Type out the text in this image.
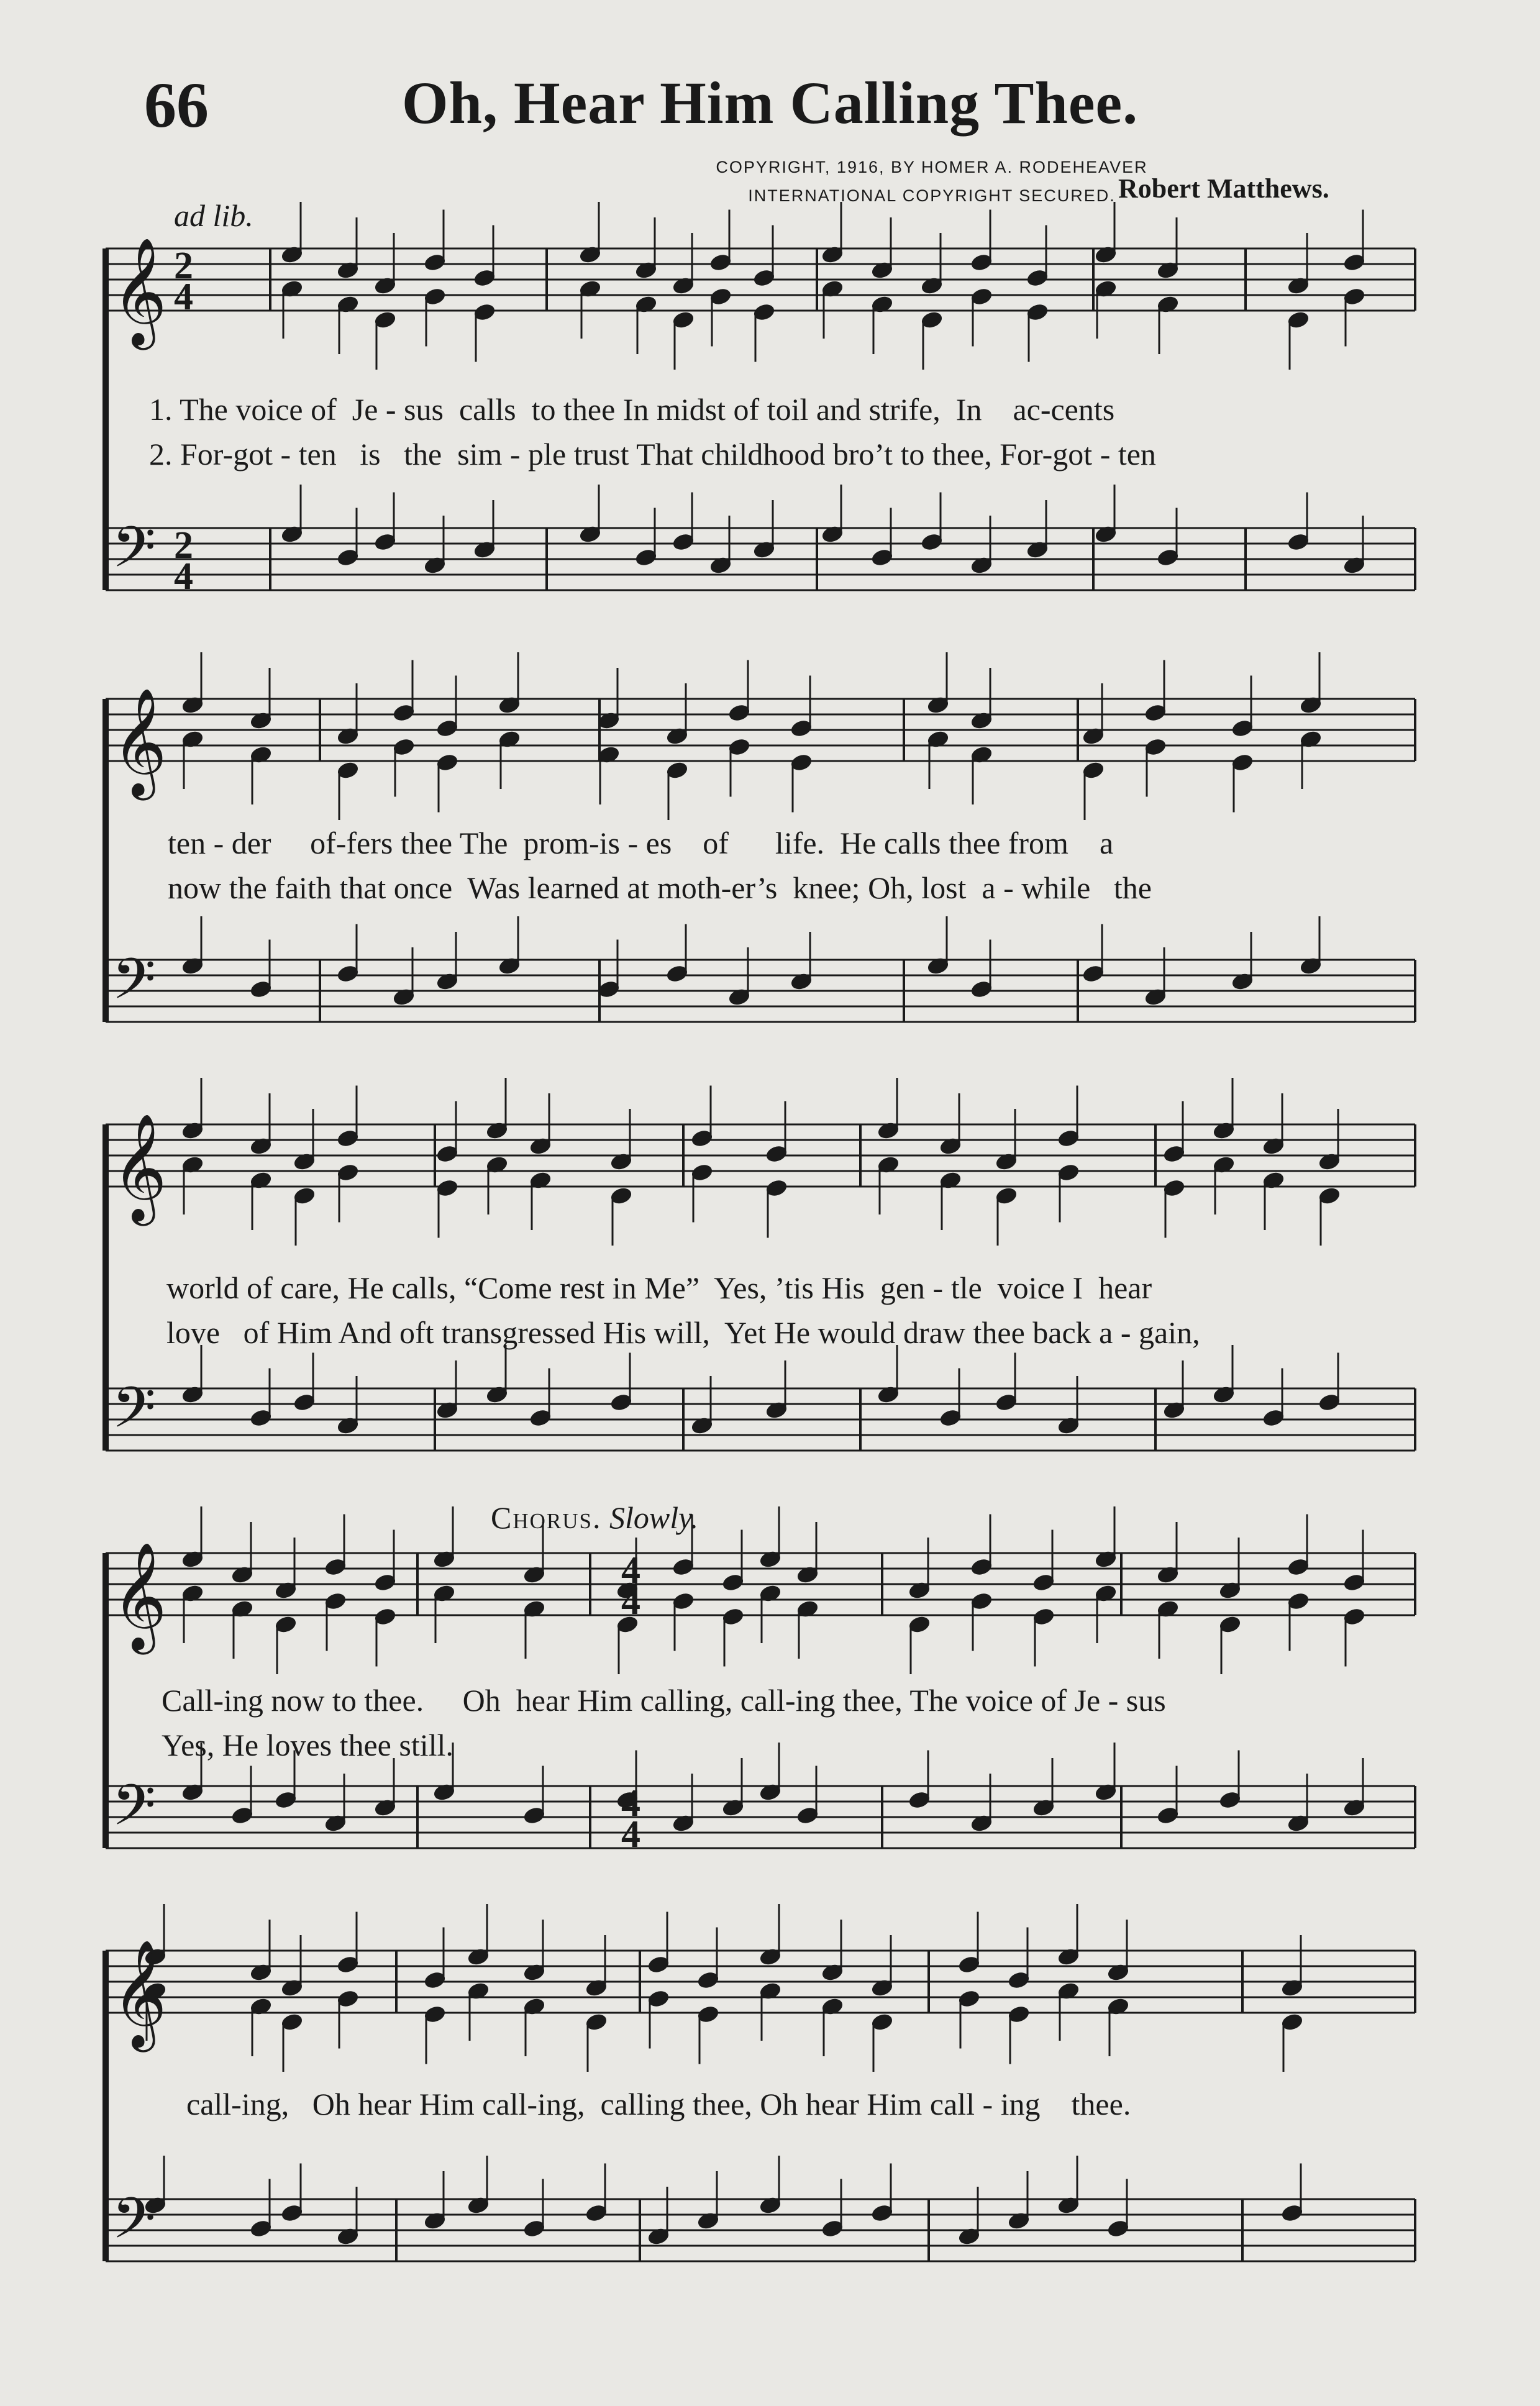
66	Oh, Hear Him Calling Thee.
COPYRIGHT, 1916, BY HOMER A. RODEHEAVER
INTERNATIONAL COPYRIGHT SECURED. Robert Matthews.
ad lib.
Chorus. Slowly.
𝄞
𝄢
𝄞
𝄢
𝄞
𝄢
𝄞
𝄢
𝄞
𝄢
2
4
2
4
4
4
4
4
1. The voice of  Je - sus  calls  to thee In midst of toil and strife,  In    ac-cents
2. For-got - ten   is   the  sim - ple trust That childhood bro’t to thee, For-got - ten
ten - der     of-fers thee The  prom-is - es    of      life.  He calls thee from    a
now the faith that once  Was learned at moth-er’s  knee; Oh, lost  a - while   the
world of care, He calls, “Come rest in Me”  Yes, ’tis His  gen - tle  voice I  hear
love   of Him And oft transgressed His will,  Yet He would draw thee back a - gain,
Call-ing now to thee.     Oh  hear Him calling, call-ing thee, The voice of Je - sus
Yes, He loves thee still.
call-ing,   Oh hear Him call-ing,  calling thee, Oh hear Him call - ing    thee.
